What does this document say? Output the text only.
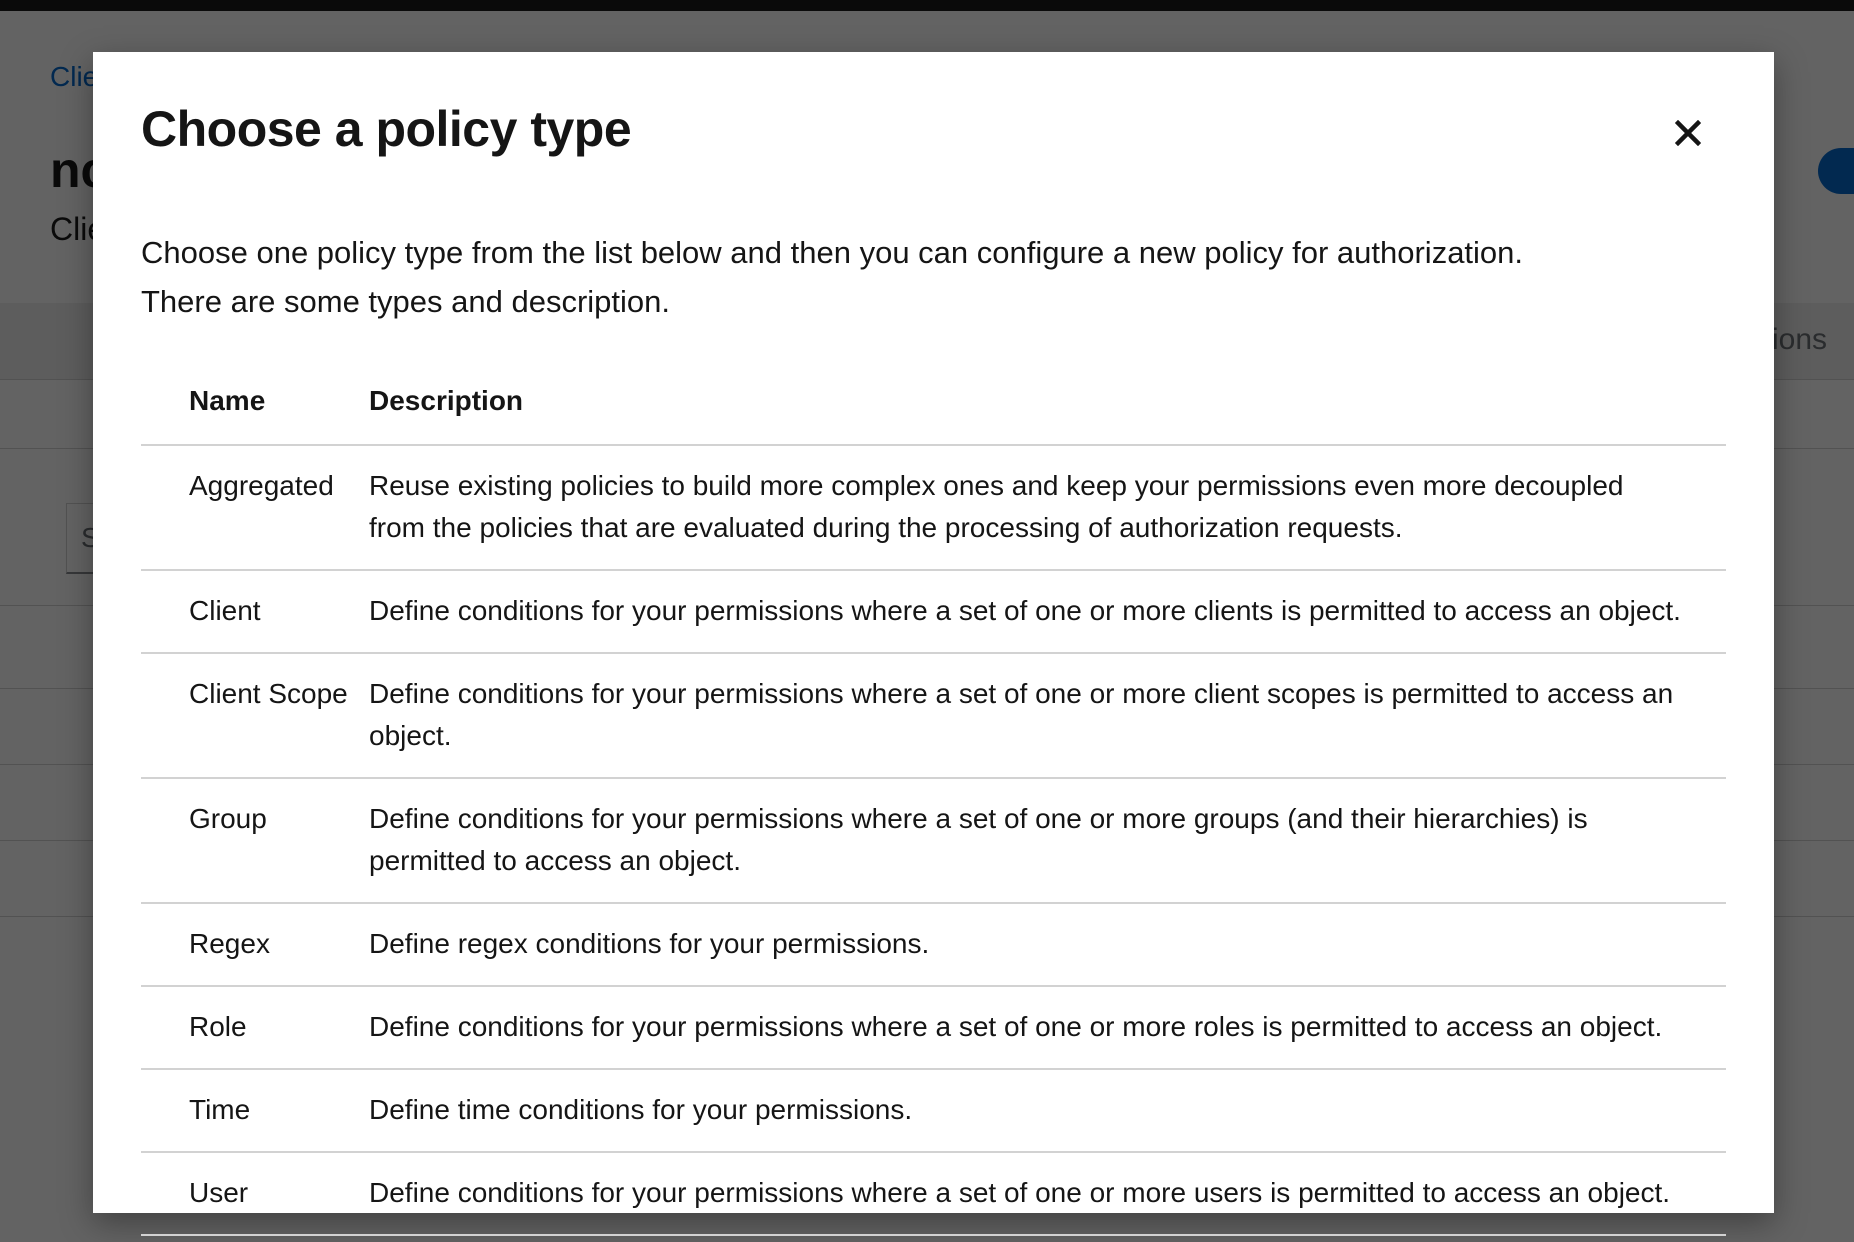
Choose a policy type
Choose one policy type from the list below and then you can configure a new policy for authorization.
There are some types and description.
Name	Description
Aggregated	Reuse existing policies to build more complex ones and keep your permissions even more decoupled from the policies that are evaluated during the processing of authorization requests.
Client	Define conditions for your permissions where a set of one or more clients is permitted to access an object.
Client Scope	Define conditions for your permissions where a set of one or more client scopes is permitted to access an object.
Group	Define conditions for your permissions where a set of one or more groups (and their hierarchies) is permitted to access an object.
Regex	Define regex conditions for your permissions.
Role	Define conditions for your permissions where a set of one or more roles is permitted to access an object.
Time	Define time conditions for your permissions.
User	Define conditions for your permissions where a set of one or more users is permitted to access an object.
